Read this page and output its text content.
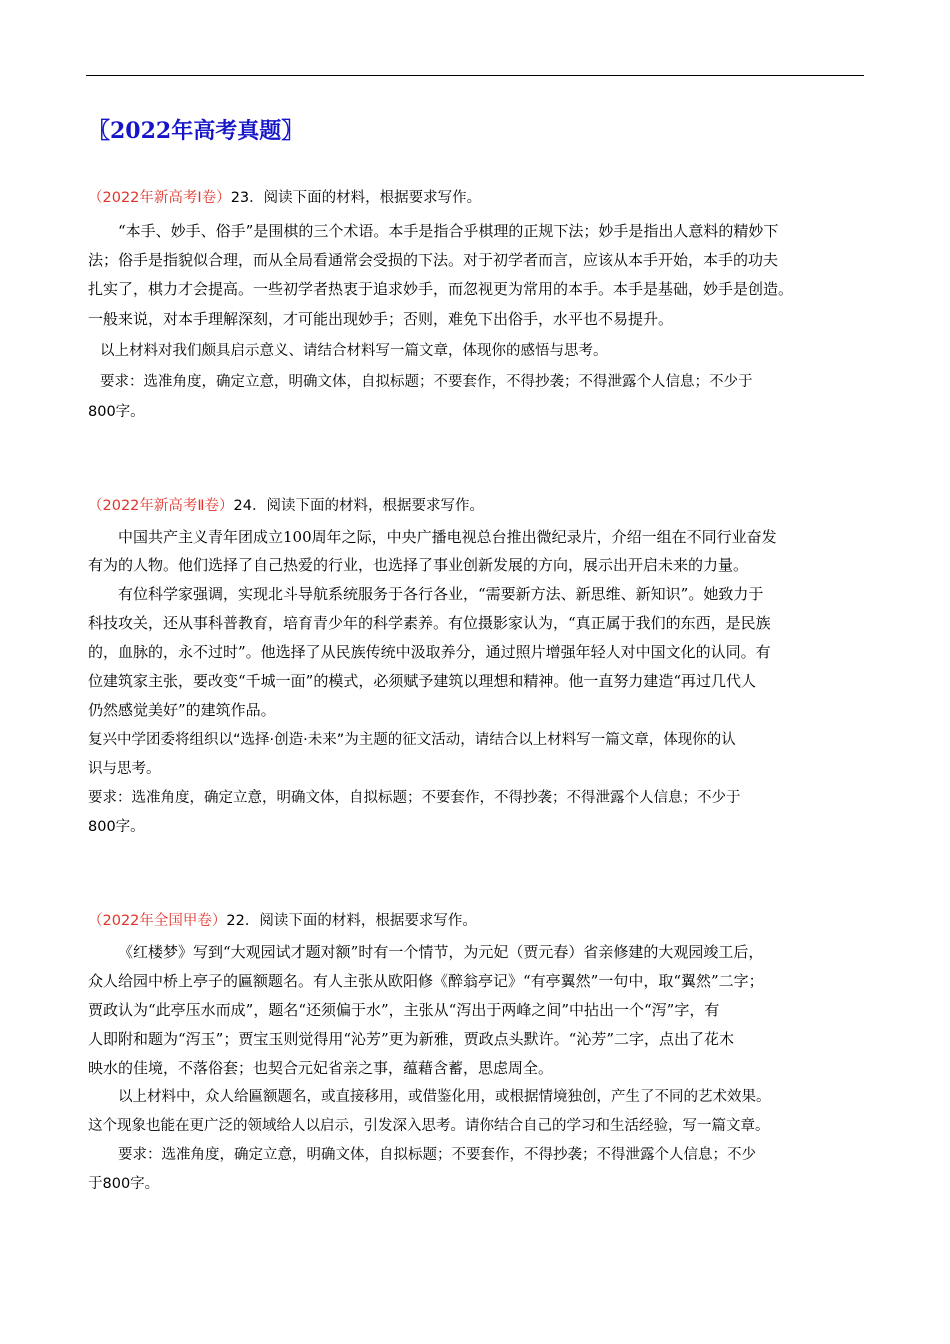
〖2022年高考真题〗
（2022年新高考Ⅰ卷）23．阅读下面的材料，根据要求写作。
“本手、妙手、俗手”是围棋的三个术语。本手是指合乎棋理的正规下法；妙手是指出人意料的精妙下
法；俗手是指貌似合理，而从全局看通常会受损的下法。对于初学者而言，应该从本手开始，本手的功夫
扎实了，棋力才会提高。一些初学者热衷于追求妙手，而忽视更为常用的本手。本手是基础，妙手是创造。
一般来说，对本手理解深刻，才可能出现妙手；否则，难免下出俗手，水平也不易提升。
以上材料对我们颇具启示意义、请结合材料写一篇文章，体现你的感悟与思考。
要求：选准角度，确定立意，明确文体，自拟标题；不要套作，不得抄袭；不得泄露个人信息；不少于
800字。
（2022年新高考Ⅱ卷）24．阅读下面的材料，根据要求写作。
中国共产主义青年团成立100周年之际，中央广播电视总台推出微纪录片，介绍一组在不同行业奋发
有为的人物。他们选择了自己热爱的行业，也选择了事业创新发展的方向，展示出开启未来的力量。
有位科学家强调，实现北斗导航系统服务于各行各业，“需要新方法、新思维、新知识”。她致力于
科技攻关，还从事科普教育，培育青少年的科学素养。有位摄影家认为，“真正属于我们的东西，是民族
的，血脉的，永不过时”。他选择了从民族传统中汲取养分，通过照片增强年轻人对中国文化的认同。有
位建筑家主张，要改变“千城一面”的模式，必须赋予建筑以理想和精神。他一直努力建造“再过几代人
仍然感觉美好”的建筑作品。
复兴中学团委将组织以“选择·创造·未来”为主题的征文活动，请结合以上材料写一篇文章，体现你的认
识与思考。
要求：选准角度，确定立意，明确文体，自拟标题；不要套作，不得抄袭；不得泄露个人信息；不少于
800字。
（2022年全国甲卷）22．阅读下面的材料，根据要求写作。
《红楼梦》写到“大观园试才题对额”时有一个情节，为元妃（贾元春）省亲修建的大观园竣工后，
众人给园中桥上亭子的匾额题名。有人主张从欧阳修《醉翁亭记》“有亭翼然”一句中，取“翼然”二字；
贾政认为“此亭压水而成”，题名“还须偏于水”，主张从“泻出于两峰之间”中拈出一个“泻”字，有
人即附和题为“泻玉”；贾宝玉则觉得用“沁芳”更为新雅，贾政点头默许。“沁芳”二字，点出了花木
映水的佳境，不落俗套；也契合元妃省亲之事，蕴藉含蓄，思虑周全。
以上材料中，众人给匾额题名，或直接移用，或借鉴化用，或根据情境独创，产生了不同的艺术效果。
这个现象也能在更广泛的领域给人以启示，引发深入思考。请你结合自己的学习和生活经验，写一篇文章。
要求：选准角度，确定立意，明确文体，自拟标题；不要套作，不得抄袭；不得泄露个人信息；不少
于800字。
